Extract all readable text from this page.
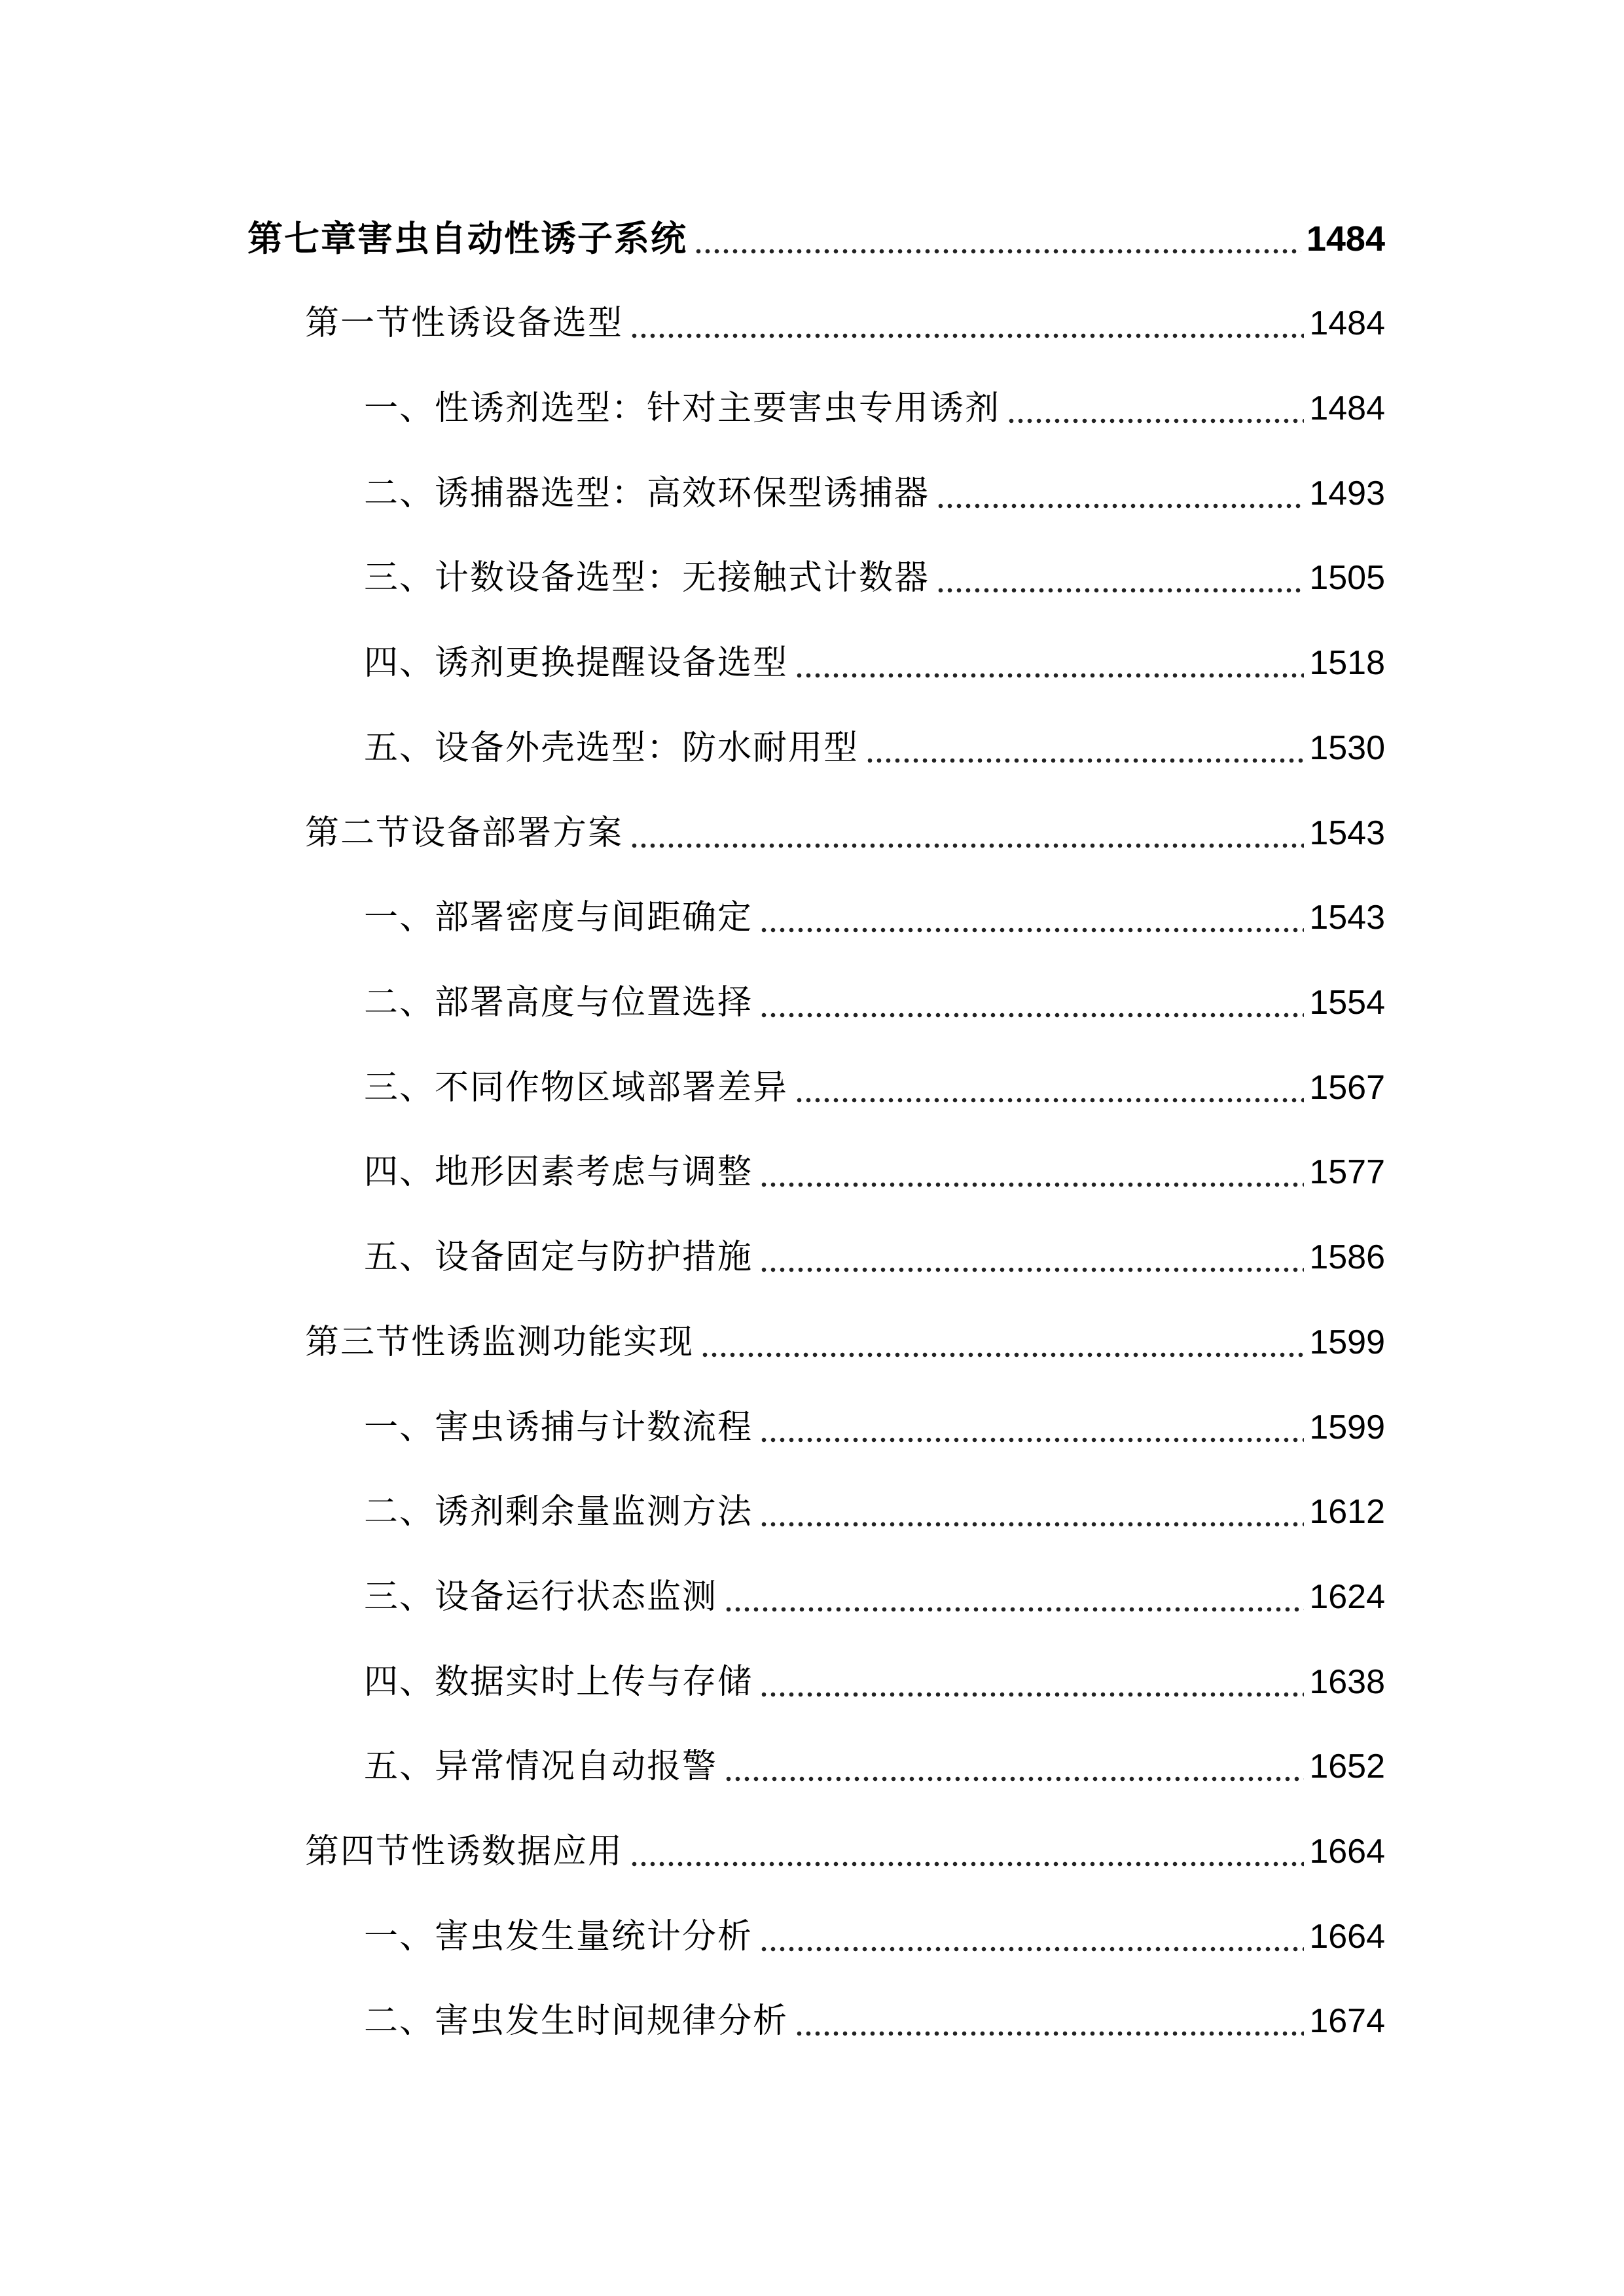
第七章害虫自动性诱子系统	1484
第一节性诱设备选型	1484
一、性诱剂选型：针对主要害虫专用诱剂	1484
二、诱捕器选型：高效环保型诱捕器	1493
三、计数设备选型：无接触式计数器	1505
四、诱剂更换提醒设备选型	1518
五、设备外壳选型：防水耐用型	1530
第二节设备部署方案	1543
一、部署密度与间距确定	1543
二、部署高度与位置选择	1554
三、不同作物区域部署差异	1567
四、地形因素考虑与调整	1577
五、设备固定与防护措施	1586
第三节性诱监测功能实现	1599
一、害虫诱捕与计数流程	1599
二、诱剂剩余量监测方法	1612
三、设备运行状态监测	1624
四、数据实时上传与存储	1638
五、异常情况自动报警	1652
第四节性诱数据应用	1664
一、害虫发生量统计分析	1664
二、害虫发生时间规律分析	1674
